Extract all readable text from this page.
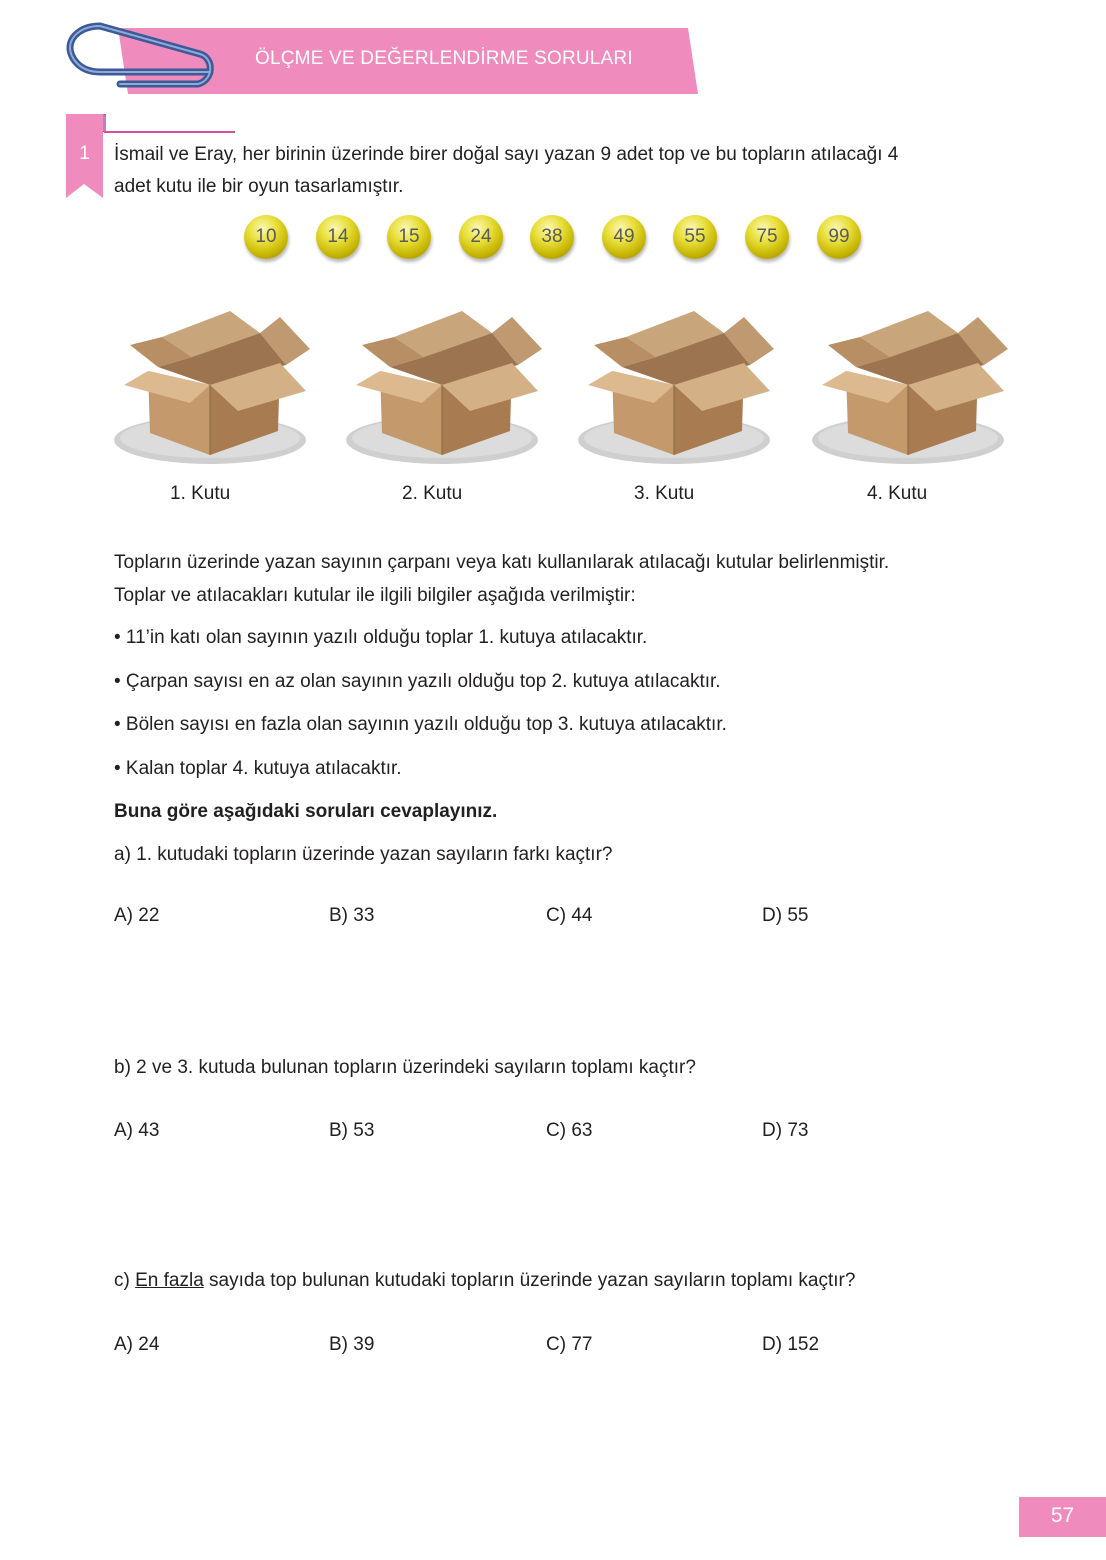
ÖLÇME VE DEĞERLENDİRME SORULARI
1	İsmail ve Eray, her birinin üzerinde birer doğal sayı yazan 9 adet top ve bu topların atılacağı 4
adet kutu ile bir oyun tasarlamıştır.
10	14	15	24	38	49	55	75	99
1. Kutu	2. Kutu	3. Kutu	4. Kutu
Topların üzerinde yazan sayının çarpanı veya katı kullanılarak atılacağı kutular belirlenmiştir.
Toplar ve atılacakları kutular ile ilgili bilgiler aşağıda verilmiştir:
• 11’in katı olan sayının yazılı olduğu toplar 1. kutuya atılacaktır.
• Çarpan sayısı en az olan sayının yazılı olduğu top 2. kutuya atılacaktır.
• Bölen sayısı en fazla olan sayının yazılı olduğu top 3. kutuya atılacaktır.
• Kalan toplar 4. kutuya atılacaktır.
Buna göre aşağıdaki soruları cevaplayınız.
a) 1. kutudaki topların üzerinde yazan sayıların farkı kaçtır?
A) 22	B) 33	C) 44	D) 55
b) 2 ve 3. kutuda bulunan topların üzerindeki sayıların toplamı kaçtır?
A) 43	B) 53	C) 63	D) 73
c) En fazla sayıda top bulunan kutudaki topların üzerinde yazan sayıların toplamı kaçtır?
A) 24	B) 39	C) 77	D) 152
57
